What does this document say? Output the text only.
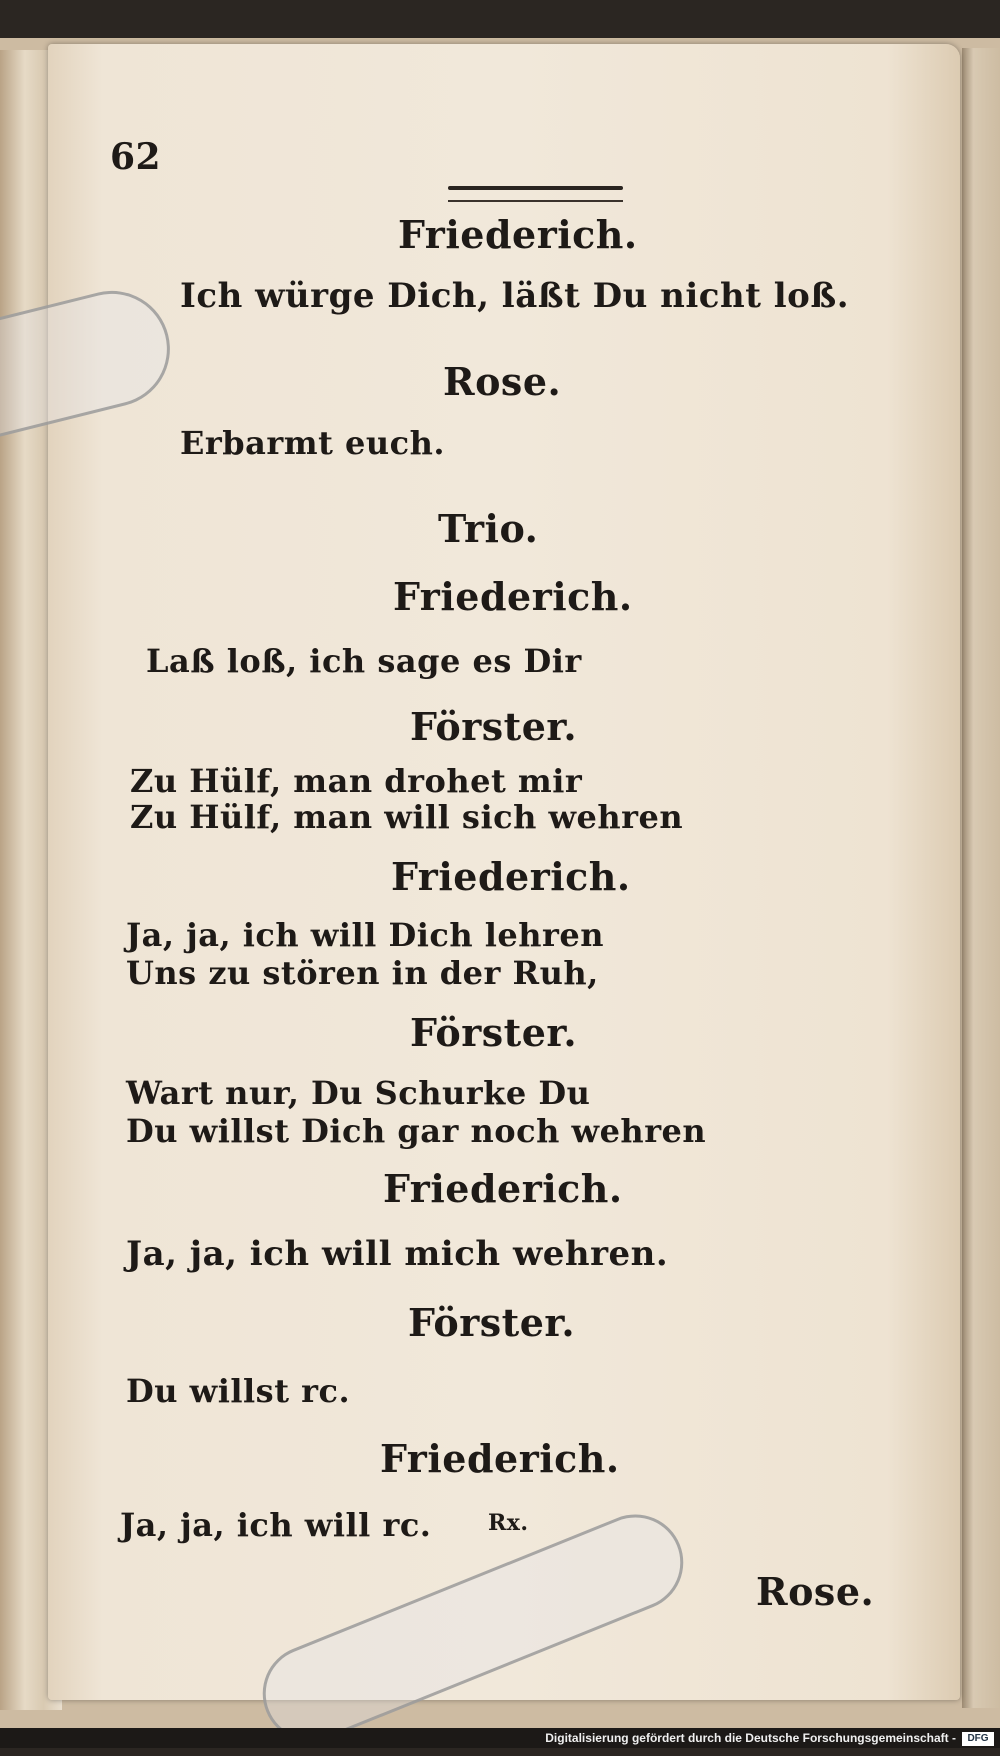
62
Friederich.
Ich würge Dich, läßt Du nicht loß.
Rose.
Erbarmt euch.
Trio.
Friederich.
Laß loß, ich sage es Dir
Förster.
Zu Hülf, man drohet mir
Zu Hülf, man will sich wehren
Friederich.
Ja, ja, ich will Dich lehren
Uns zu stören in der Ruh,
Förster.
Wart nur, Du Schurke Du
Du willst Dich gar noch wehren
Friederich.
Ja, ja, ich will mich wehren.
Förster.
Du willst rc.
Friederich.
Ja, ja, ich will rc.	Rx.
Rose.
Digitalisierung gefördert durch die Deutsche Forschungsgemeinschaft -	DFG
